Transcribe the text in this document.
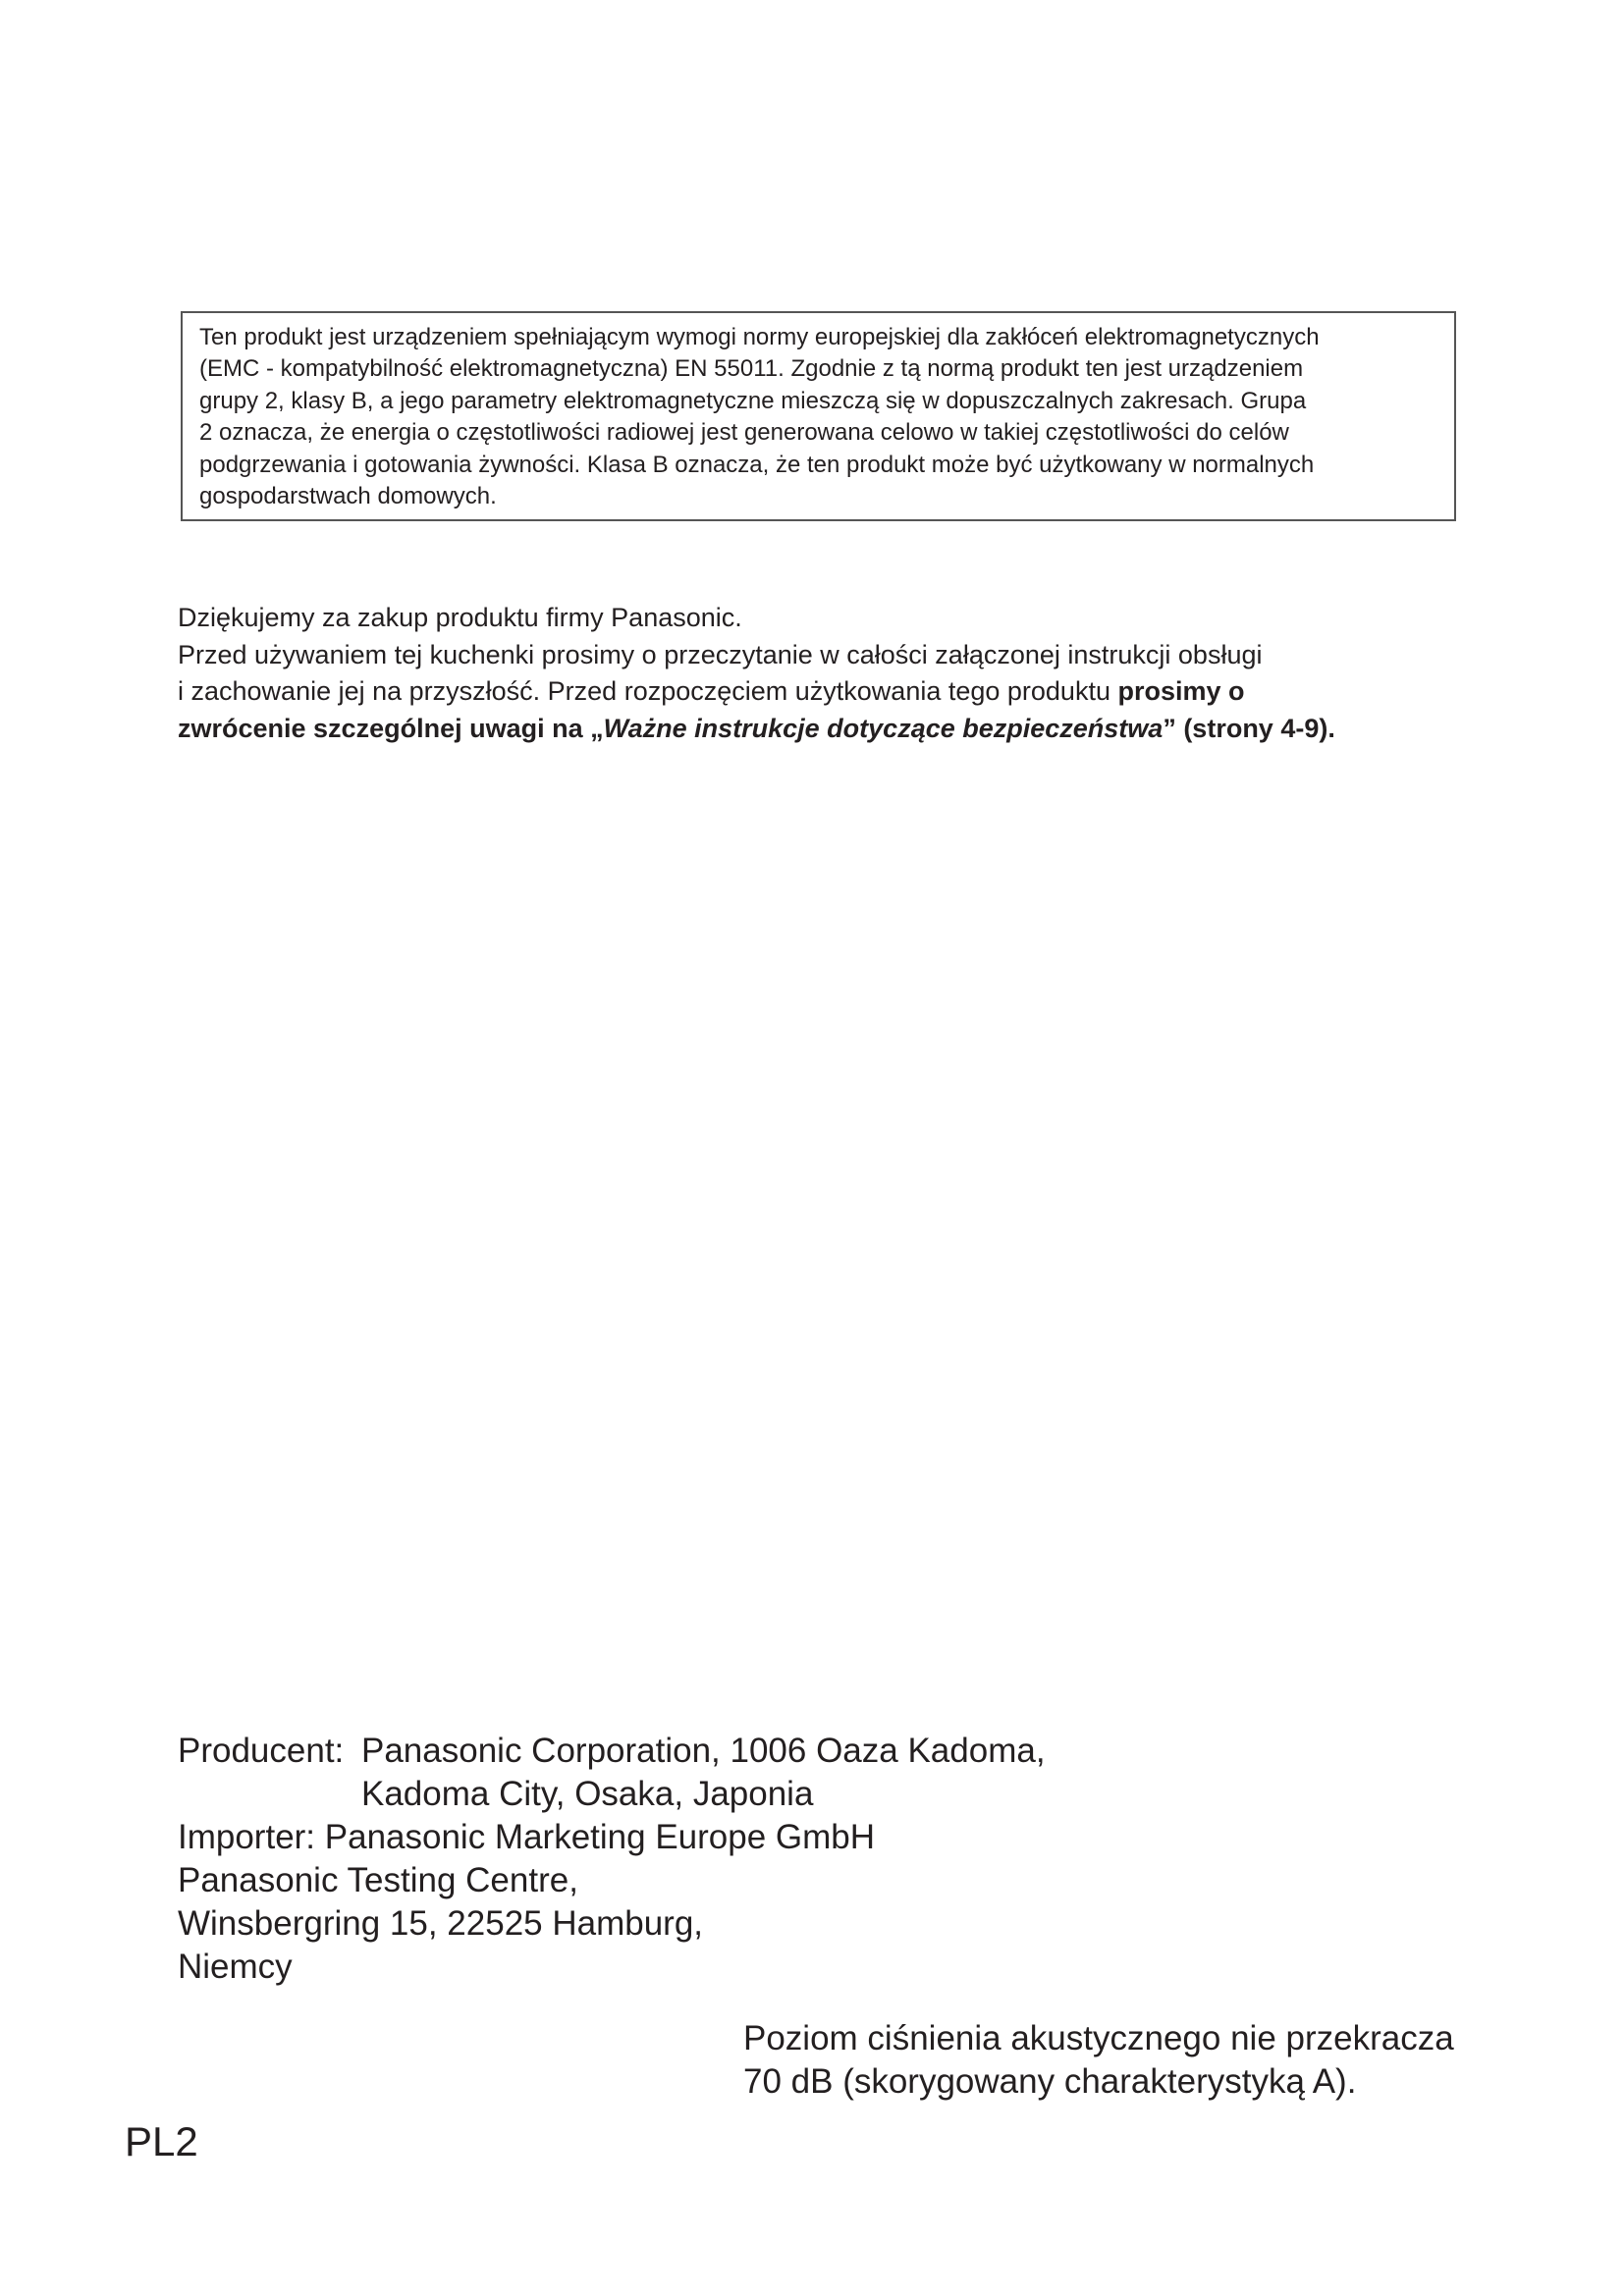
Ten produkt jest urządzeniem spełniającym wymogi normy europejskiej dla zakłóceń elektromagnetycznych
(EMC - kompatybilność elektromagnetyczna) EN 55011. Zgodnie z tą normą produkt ten jest urządzeniem
grupy 2, klasy B, a jego parametry elektromagnetyczne mieszczą się w dopuszczalnych zakresach. Grupa
2 oznacza, że energia o częstotliwości radiowej jest generowana celowo w takiej częstotliwości do celów
podgrzewania i gotowania żywności. Klasa B oznacza, że ten produkt może być użytkowany w normalnych
gospodarstwach domowych.
Dziękujemy za zakup produktu firmy Panasonic.
Przed używaniem tej kuchenki prosimy o przeczytanie w całości załączonej instrukcji obsługi
i zachowanie jej na przyszłość. Przed rozpoczęciem użytkowania tego produktu prosimy o
zwrócenie szczególnej uwagi na „Ważne instrukcje dotyczące bezpieczeństwa” (strony 4-9).
Producent: Panasonic Corporation, 1006 Oaza Kadoma,
Kadoma City, Osaka, Japonia
Importer: Panasonic Marketing Europe GmbH
Panasonic Testing Centre,
Winsbergring 15, 22525 Hamburg,
Niemcy
Poziom ciśnienia akustycznego nie przekracza
70 dB (skorygowany charakterystyką A).
PL2
